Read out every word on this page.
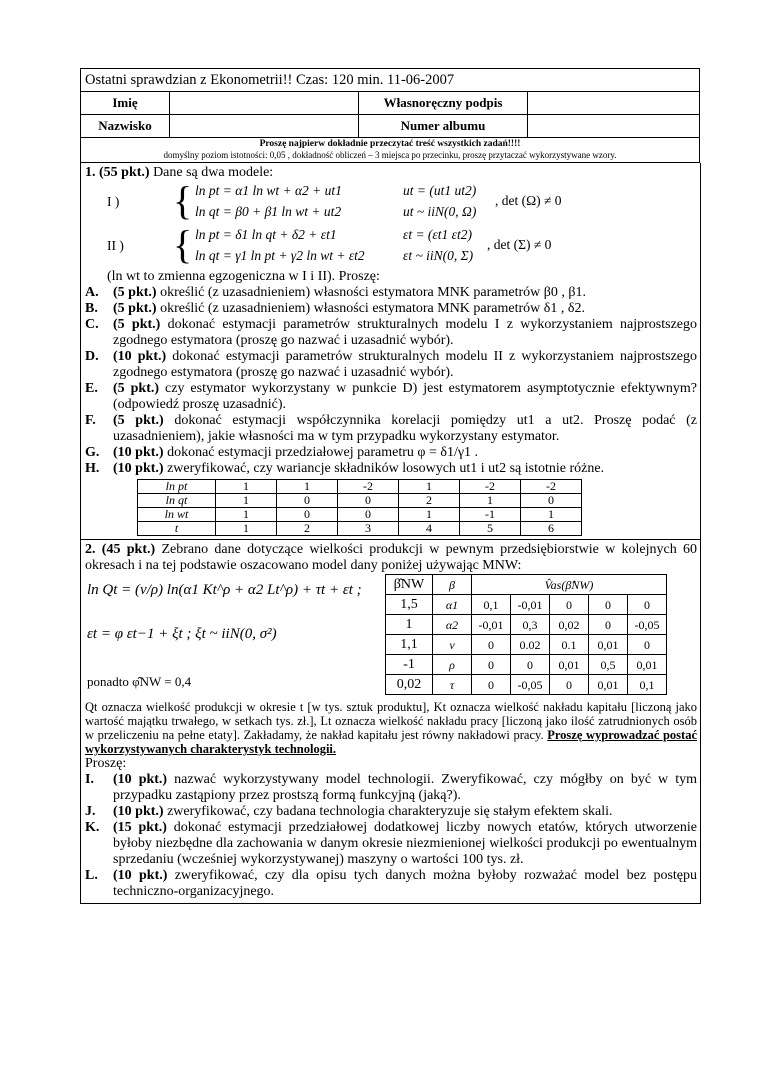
Ostatni sprawdzian z Ekonometrii!! Czas: 120 min. 11-06-2007			
Imię		Własnoręczny podpis	
Nazwisko		Numer albumu	
Proszę najpierw dokładnie przeczytać treść wszystkich zadań!!!!
domyślny poziom istotności: 0,05 , dokładność obliczeń – 3 miejsca po przecinku, proszę przytaczać wykorzystywane wzory.
1. (55 pkt.) Dane są dwa modele:
I ) { ln pt = α1 ln wt + α2 + ut1
ln qt = β0 + β1 ln wt + ut2
ut = (ut1 ut2)
ut ~ iiN(0, Ω)
, det (Ω) ≠ 0
II ) { ln pt = δ1 ln qt + δ2 + εt1
ln qt = γ1 ln pt + γ2 ln wt + εt2
εt = (εt1 εt2)
εt ~ iiN(0, Σ)
, det (Σ) ≠ 0
(ln wt to zmienna egzogeniczna w I i II). Proszę:
A.	(5 pkt.) określić (z uzasadnieniem) własności estymatora MNK parametrów β0 , β1.
B.	(5 pkt.) określić (z uzasadnieniem) własności estymatora MNK parametrów δ1 , δ2.
C.	(5 pkt.) dokonać estymacji parametrów strukturalnych modelu I z wykorzystaniem najprostszego zgodnego estymatora (proszę go nazwać i uzasadnić wybór).
D.	(10 pkt.) dokonać estymacji parametrów strukturalnych modelu II z wykorzystaniem najprostszego zgodnego estymatora (proszę go nazwać i uzasadnić wybór).
E.	(5 pkt.) czy estymator wykorzystany w punkcie D) jest estymatorem asymptotycznie efektywnym? (odpowiedź proszę uzasadnić).
F.	(5 pkt.) dokonać estymacji współczynnika korelacji pomiędzy ut1 a ut2. Proszę podać (z uzasadnieniem), jakie własności ma w tym przypadku wykorzystany estymator.
G. (10 pkt.) dokonać estymacji przedziałowej parametru φ = δ1/γ1 .
H. (10 pkt.) zweryfikować, czy wariancje składników losowych ut1 i ut2 są istotnie różne.
ln pt	1	1	-2	1	-2	-2
ln qt	1	0	0	2	1	0
ln wt	1	0	0	1	-1	1
t	1	2	3	4	5	6
2. (45 pkt.) Zebrano dane dotyczące wielkości produkcji w pewnym przedsiębiorstwie w kolejnych 60 okresach i na tej podstawie oszacowano model dany poniżej używając MNW:
ln Qt = (ν/ρ) ln(α1 Kt^ρ + α2 Lt^ρ) + τt + εt ;
εt = φ εt−1 + ξt ; ξt ~ iiN(0, σ²)
ponadto φ̂NW = 0,4
β̂NW	β	V̂as(β̂NW)				
1,5	α1	0,1	-0,01	0	0	0
1	α2	-0,01	0,3	0,02	0	-0,05
1,1	ν	0	0.02	0.1	0,01	0
-1	ρ	0	0	0,01	0,5	0,01
0,02	τ	0	-0,05	0	0,01	0,1
Qt oznacza wielkość produkcji w okresie t [w tys. sztuk produktu], Kt oznacza wielkość nakładu kapitału [liczoną jako wartość majątku trwałego, w setkach tys. zł.], Lt oznacza wielkość nakładu pracy [liczoną jako ilość zatrudnionych osób w przeliczeniu na pełne etaty]. Zakładamy, że nakład kapitału jest równy nakładowi pracy. Proszę wyprowadzać postać wykorzystywanych charakterystyk technologii.
Proszę:
I.	(10 pkt.) nazwać wykorzystywany model technologii. Zweryfikować, czy mógłby on być w tym przypadku zastąpiony przez prostszą formą funkcyjną (jaką?).
J.	(10 pkt.) zweryfikować, czy badana technologia charakteryzuje się stałym efektem skali.
K. (15 pkt.) dokonać estymacji przedziałowej dodatkowej liczby nowych etatów, których utworzenie byłoby niezbędne dla zachowania w danym okresie niezmienionej wielkości produkcji po ewentualnym sprzedaniu (wcześniej wykorzystywanej) maszyny o wartości 100 tys. zł.
L.	(10 pkt.) zweryfikować, czy dla opisu tych danych można byłoby rozważać model bez postępu techniczno-organizacyjnego.
